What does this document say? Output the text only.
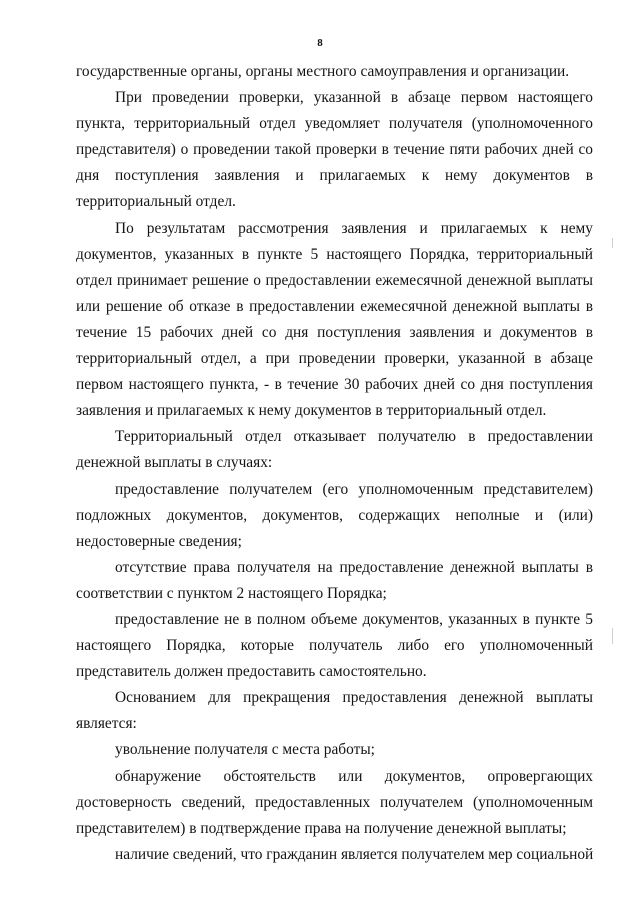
8

государственные органы, органы местного самоуправления и организации.

При проведении проверки, указанной в абзаце первом настоящего пункта, территориальный отдел уведомляет получателя (уполномоченного представителя) о проведении такой проверки в течение пяти рабочих дней со дня поступления заявления и прилагаемых к нему документов в территориальный отдел.

По результатам рассмотрения заявления и прилагаемых к нему документов, указанных в пункте 5 настоящего Порядка, территориальный отдел принимает решение о предоставлении ежемесячной денежной выплаты или решение об отказе в предоставлении ежемесячной денежной выплаты в течение 15 рабочих дней со дня поступления заявления и документов в территориальный отдел, а при проведении проверки, указанной в абзаце первом настоящего пункта, - в течение 30 рабочих дней со дня поступления заявления и прилагаемых к нему документов в территориальный отдел.

Территориальный отдел отказывает получателю в предоставлении денежной выплаты в случаях:

предоставление получателем (его уполномоченным представителем) подложных документов, документов, содержащих неполные и (или) недостоверные сведения;

отсутствие права получателя на предоставление денежной выплаты в соответствии с пунктом 2 настоящего Порядка;

предоставление не в полном объеме документов, указанных в пункте 5 настоящего Порядка, которые получатель либо его уполномоченный представитель должен предоставить самостоятельно.

Основанием для прекращения предоставления денежной выплаты является:

увольнение получателя с места работы;

обнаружение обстоятельств или документов, опровергающих достоверность сведений, предоставленных получателем (уполномоченным представителем) в подтверждение права на получение денежной выплаты;

наличие сведений, что гражданин является получателем мер социальной
